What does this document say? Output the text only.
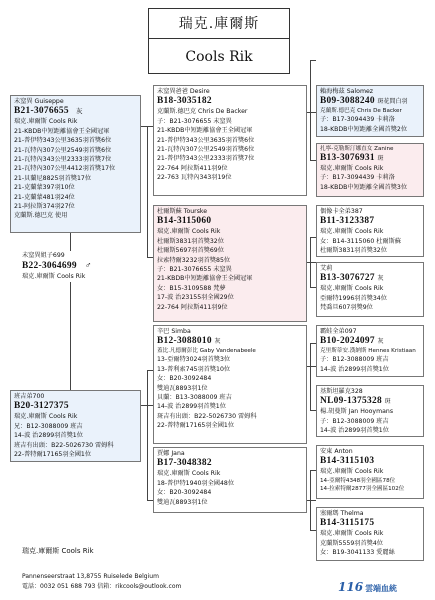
瑞克.庫爾斯
Cools Rik
未窒異 Guiseppe
B21-3076655 灰
瑞克.庫爾斯 Cools Rik
21-KBDB中短距離協會王全國冠軍
21-普伊特343公里3635羽首獎6位
21-瓦特內307公里2549羽首獎6位
21-瓦特內343公里2333羽首獎7位
21-瓦特內307公里4412羽首獎17位
21-貝蘭尼8825羽首獎17位
21-克蘭蒙397羽10位
21-克蘭蒙481羽24位
21-阿拉斯374羽27位
克蘭斯.德巴克 使用
未窒異姐子699
B22-3064699 ♂
瑞克.庫爾斯 Cools Rik
未窒異爸爸 Desire
B18-3035182
克蘭斯.德巴克 Chris De Backer
子：B21-3076655 未窒異
21-KBDB中短距離協會王全國冠軍
21-普伊特343公里3635羽首獎6位
21-瓦特內307公里2549羽首獎6位
21-普伊特343公里2333羽首獎7位
22-764 阿拉斯411羽9位
22-763 瓦特內343羽19位
賴海梅茲 Salomez
B09-3088240 斑花間白羽
克蘭斯.德巴克 Chris De Backer
子：B17-3094439 卡莉洛
18-KBDB中短距離全國首獎2位
扎寧-克勒斯汀娜直女 Zanine
B13-3076931 斑
瑞克.庫爾斯 Cools Rik
子：B17-3094439 卡莉洛
18-KBDB中短距離全國首獎3位
杜爾斯蘇 Tourske
B14-3115060
瑞克.庫爾斯 Cools Rik
杜爾斯3831羽首獎32位
杜爾斯5697羽首獎69位
拉索特爾3232羽首獎85位
子：B21-3076655 未窒異
21-KBDB中短距離協會王全國冠軍
女：B15-3109588 梵夢
17-波 治23155羽全國29位
22-764 阿拉斯411羽9位
偶像卡全弟387
B11-3123387
瑞克.庫爾斯 Cools Rik
女：B14-3115060 杜爾斯蘇
杜爾斯3831羽首獎32位
艾莉
B13-3076727 灰
瑞克.庫爾斯 Cools Rik
亞爾特1996羽首獎34位
梵喬旦607羽獎9位
辛巴 Simba
B12-3088010 灰
蓋比.凡德爾彭比 Gaby Vandenabeele
13-亞爾特3024羽首獎3位
13-普利索745羽首獎10位
女：B20-3092484
雙迪瓦8893羽1位
貝蘭：B13-3088009 班吉
14-波 治2899羽首獎1位
斑吉有出頭：B22-5026730 雷姆科
22-普特爾17165羽全國1位
霸蛙全弟097
B10-2024097 灰
克里斯蒂安.漢納斯 Hennes Kristiaan
子：B12-3088009 班吉
14-波 治2899羽首獎1位
基斯坦羅克328
NL09-1375328 斑
楊.胡曼斯 Jan Hooymans
子：B12-3088009 班吉
14-波 治2899羽首獎1位
班吉弟700
B20-3127375
瑞克.庫爾斯 Cools Rik
兄：B12-3088009 班吉
14-波 治2899羽首獎1位
班吉有出頭：B22-5026730 雷姆科
22-普特爾17165羽全國1位	賈娜 Jana
B17-3048382
瑞克.庫爾斯 Cools Rik
18-普伊特1940羽全國48位
女：B20-3092484
雙迪瓦8893羽1位
安東 Anton
B14-3115103
瑞克.庫爾斯 Cools Rik
14-亞爾特4348羽全國區78位
14-拉索特爾2877羽全國區102位
塞爾瑪 Thelma
B14-3115175
瑞克.庫爾斯 Cools Rik
克蘭斯5559羽首獎4位
女：B19-3041133 愛麗絲
瑞克.庫爾斯 Cools Rik
Pannenseerstraat 13,8755 Ruiselede Belgium
電話：0032 051 688 793 信箱：rikcools@outlook.com	116 雲端血統
